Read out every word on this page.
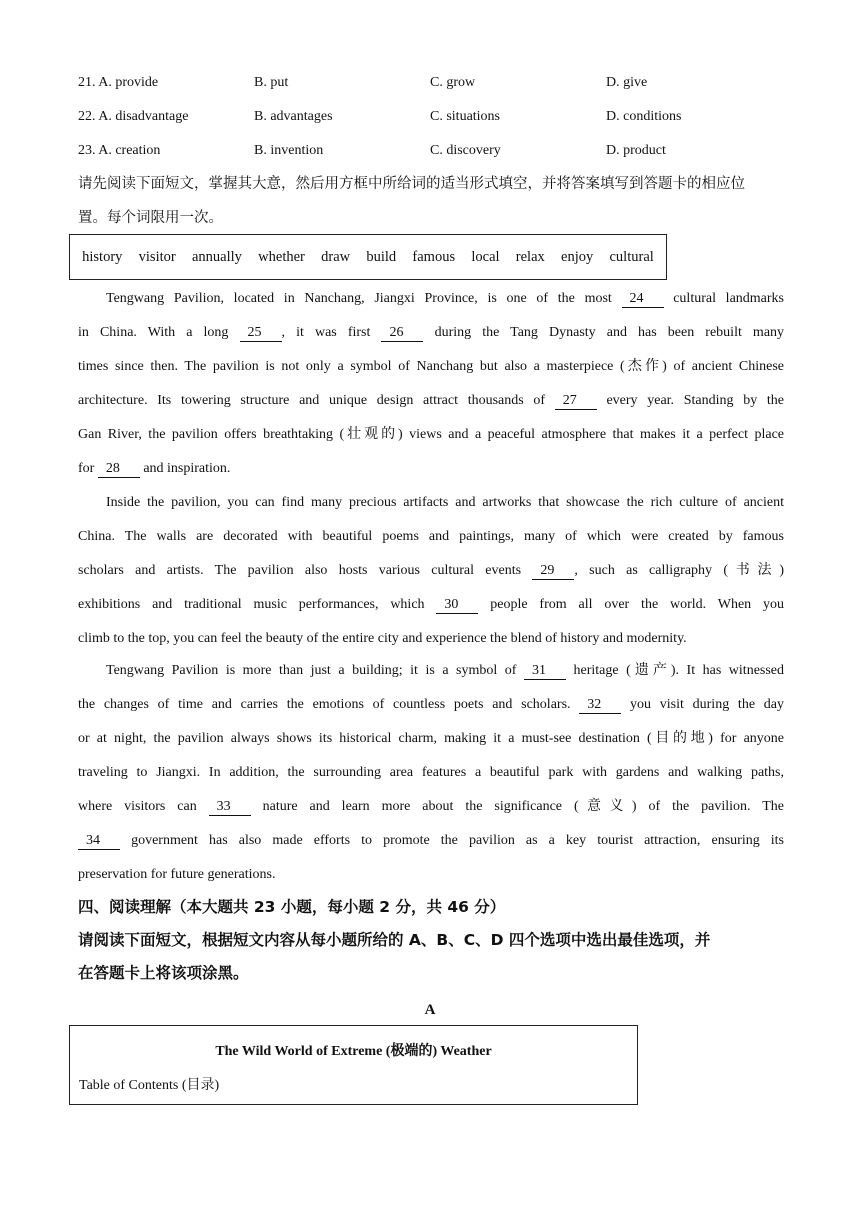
21. A. provide	B. put	C. grow	D. give
22. A. disadvantage	B. advantages	C. situations	D. conditions
23. A. creation	B. invention	C. discovery	D. product
请先阅读下面短文，掌握其大意，然后用方框中所给词的适当形式填空，并将答案填写到答题卡的相应位
置。每个词限用一次。
history visitor annually whether draw build famous local relax enjoy cultural
Tengwang Pavilion, located in Nanchang, Jiangxi Province, is one of the most 24 cultural landmarks
in China. With a long 25 , it was first 26 during the Tang Dynasty and has been rebuilt many
times since then. The pavilion is not only a symbol of Nanchang but also a masterpiece (杰作) of ancient Chinese
architecture. Its towering structure and unique design attract thousands of 27 every year. Standing by the
Gan River, the pavilion offers breathtaking (壮观的) views and a peaceful atmosphere that makes it a perfect place
for 28 and inspiration.
Inside the pavilion, you can find many precious artifacts and artworks that showcase the rich culture of ancient
China. The walls are decorated with beautiful poems and paintings, many of which were created by famous
scholars and artists. The pavilion also hosts various cultural events 29 , such as calligraphy (书法)
exhibitions and traditional music performances, which 30 people from all over the world. When you
climb to the top, you can feel the beauty of the entire city and experience the blend of history and modernity.
Tengwang Pavilion is more than just a building; it is a symbol of 31 heritage (遗产). It has witnessed
the changes of time and carries the emotions of countless poets and scholars. 32 you visit during the day
or at night, the pavilion always shows its historical charm, making it a must-see destination (目的地) for anyone
traveling to Jiangxi. In addition, the surrounding area features a beautiful park with gardens and walking paths,
where visitors can 33 nature and learn more about the significance (意义) of the pavilion. The
34 government has also made efforts to promote the pavilion as a key tourist attraction, ensuring its
preservation for future generations.
四、阅读理解（本大题共 23 小题，每小题 2 分，共 46 分）
请阅读下面短文，根据短文内容从每小题所给的 A、B、C、D 四个选项中选出最佳选项，并
在答题卡上将该项涂黑。
A
The Wild World of Extreme (极端的) Weather
Table of Contents (目录)
